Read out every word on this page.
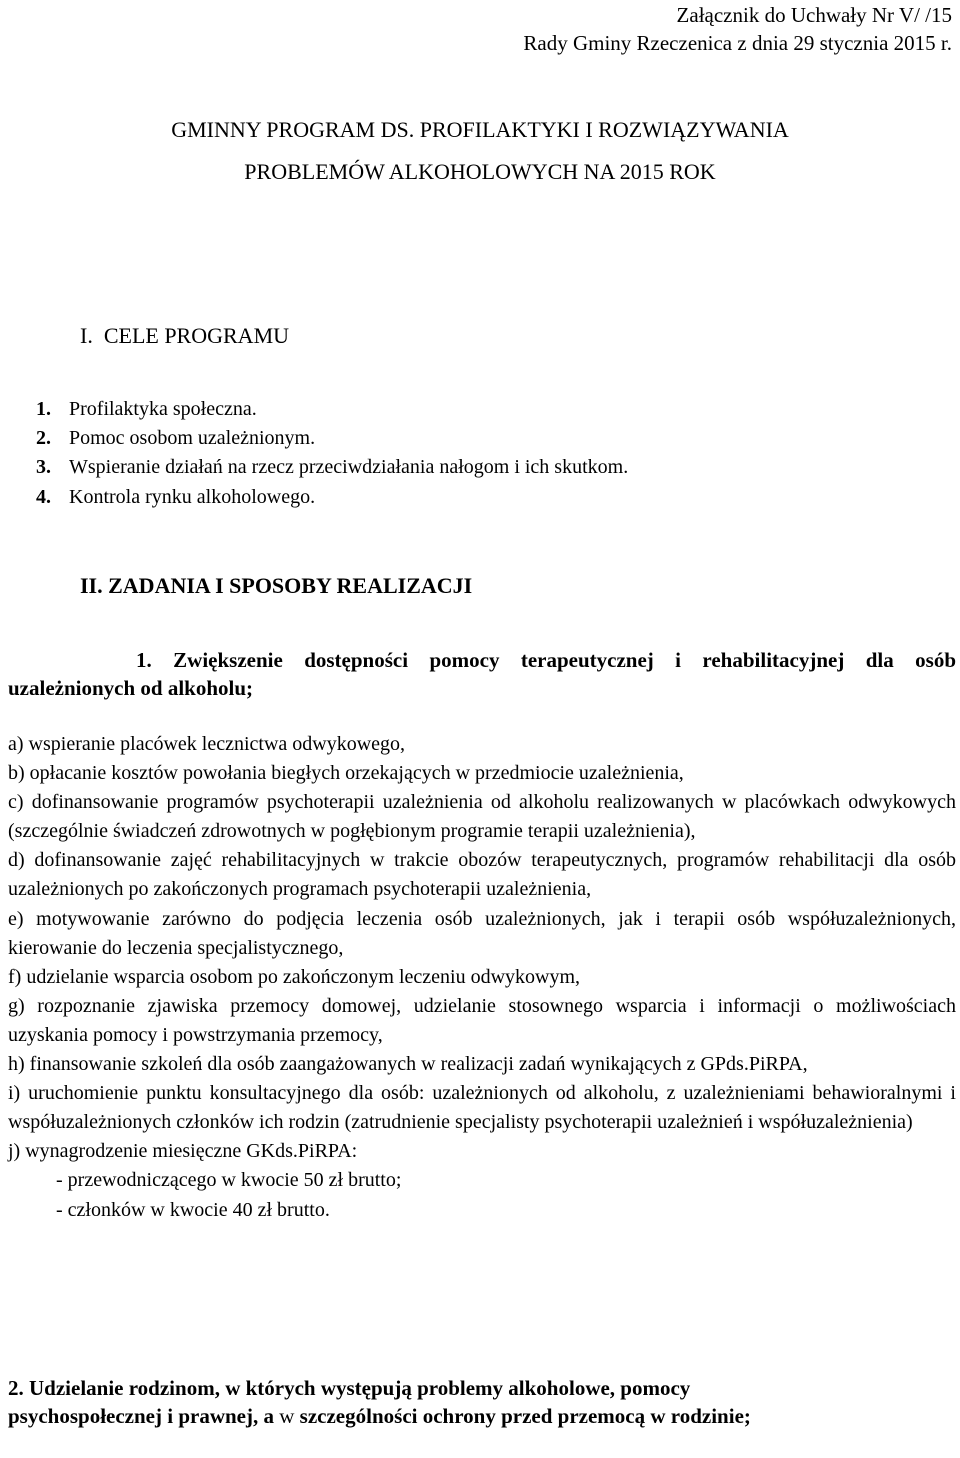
Załącznik do Uchwały Nr V/ /15
Rady Gminy Rzeczenica z dnia 29 stycznia 2015 r.
GMINNY PROGRAM DS. PROFILAKTYKI I ROZWIĄZYWANIA
PROBLEMÓW ALKOHOLOWYCH NA 2015 ROK
I. CELE PROGRAMU
1. Profilaktyka społeczna.
2. Pomoc osobom uzależnionym.
3. Wspieranie działań na rzecz przeciwdziałania nałogom i ich skutkom.
4. Kontrola rynku alkoholowego.
II. ZADANIA I SPOSOBY REALIZACJI
1. Zwiększenie dostępności pomocy terapeutycznej i rehabilitacyjnej dla osób uzależnionych od alkoholu;

a) wspieranie placówek lecznictwa odwykowego,

b) opłacanie kosztów powołania biegłych orzekających w przedmiocie uzależnienia,

c) dofinansowanie programów psychoterapii uzależnienia od alkoholu realizowanych w placówkach odwykowych (szczególnie świadczeń zdrowotnych w pogłębionym programie terapii uzależnienia),

d) dofinansowanie zajęć rehabilitacyjnych w trakcie obozów terapeutycznych, programów rehabilitacji dla osób uzależnionych po zakończonych programach psychoterapii uzależnienia,

e) motywowanie zarówno do podjęcia leczenia osób uzależnionych, jak i terapii osób współuzależnionych, kierowanie do leczenia specjalistycznego,

f) udzielanie wsparcia osobom po zakończonym leczeniu odwykowym,

g) rozpoznanie zjawiska przemocy domowej, udzielanie stosownego wsparcia i informacji o możliwościach uzyskania pomocy i powstrzymania przemocy,

h) finansowanie szkoleń dla osób zaangażowanych w realizacji zadań wynikających z GPds.PiRPA,

i) uruchomienie punktu konsultacyjnego dla osób: uzależnionych od alkoholu, z uzależnieniami behawioralnymi i współuzależnionych członków ich rodzin (zatrudnienie specjalisty psychoterapii uzależnień i współuzależnienia)

j) wynagrodzenie miesięczne GKds.PiRPA:

- przewodniczącego w kwocie 50 zł brutto;

- członków w kwocie 40 zł brutto.

2. Udzielanie rodzinom, w których występują problemy alkoholowe, pomocy psychospołecznej i prawnej, a w szczególności ochrony przed przemocą w rodzinie;
